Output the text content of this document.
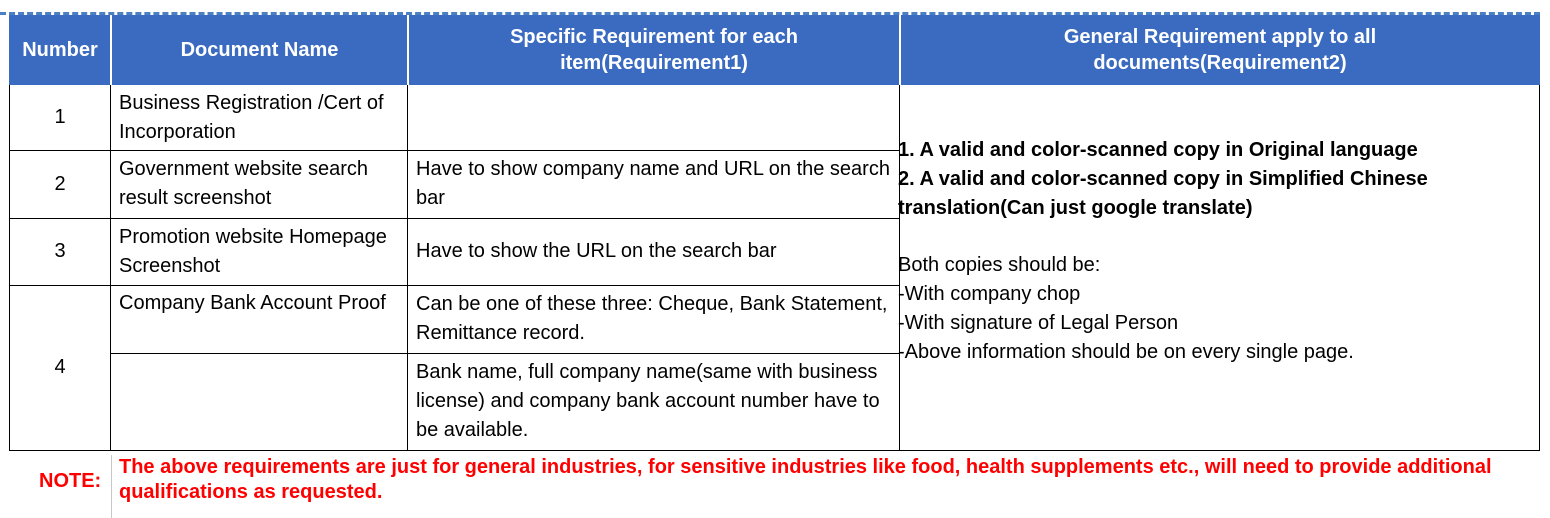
Number	Document Name
Specific Requirement for each item(Requirement1)
General Requirement apply to all documents(Requirement2)
1
Business Registration /Cert of Incorporation
2
Government website search result screenshot
Have to show company name and URL on the search bar
3
Promotion website Homepage Screenshot
Have to show the URL on the search bar
4
Company Bank Account Proof	Can be one of these three: Cheque, Bank Statement, Remittance record.
Bank name, full company name(same with business license) and company bank account number have to be available.
1. A valid and color-scanned copy in Original language
2. A valid and color-scanned copy in Simplified Chinese translation(Can just google translate)
Both copies should be:
-With company chop
-With signature of Legal Person
-Above information should be on every single page.
NOTE:
The above requirements are just for general industries, for sensitive industries like food, health supplements etc., will need to provide additional qualifications as requested.
